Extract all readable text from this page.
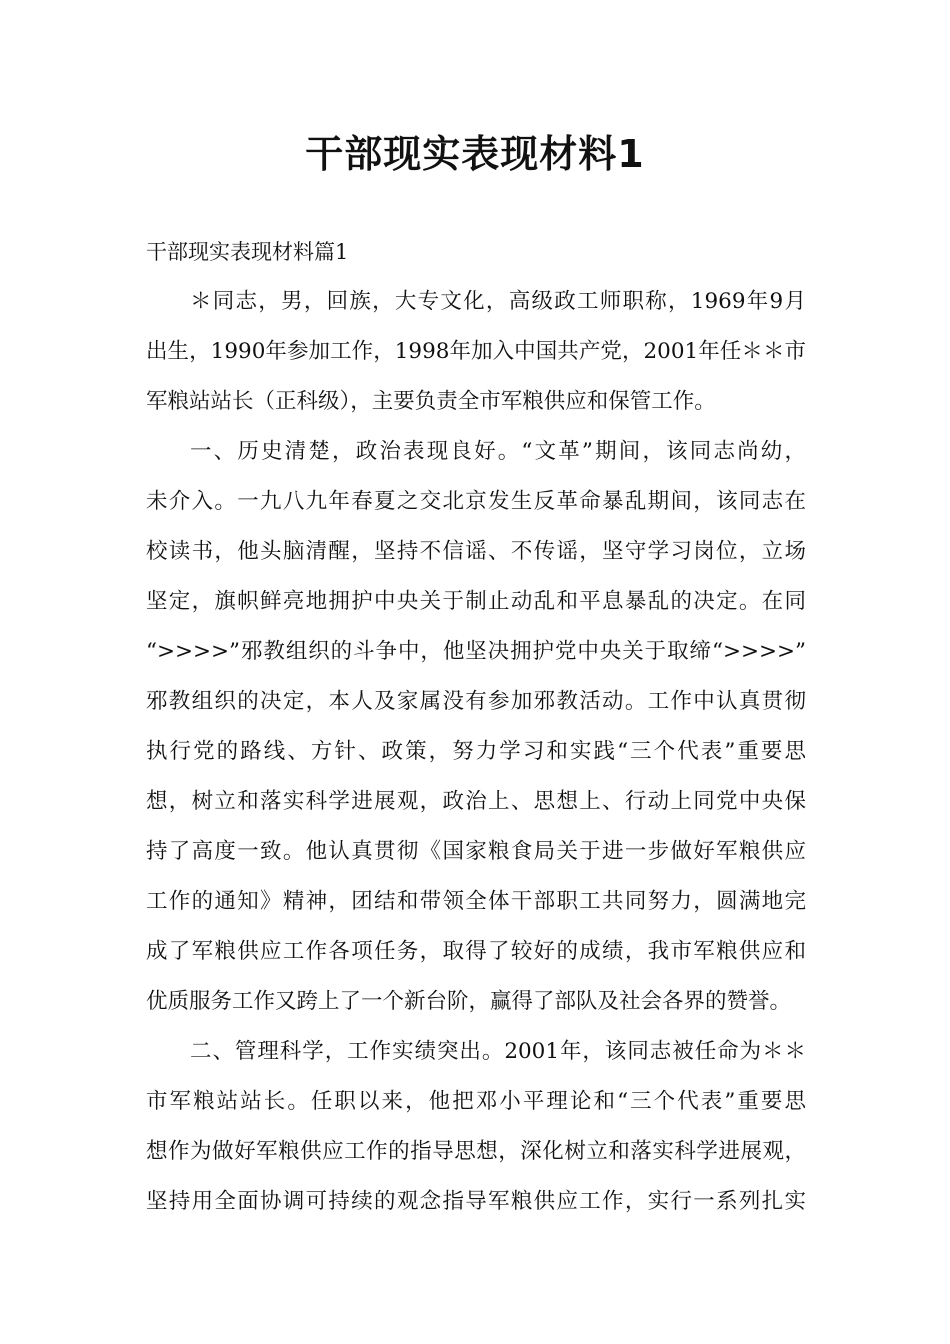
干部现实表现材料1

干部现实表现材料篇1

＊同志，男，回族，大专文化，高级政工师职称，1969年9月

出生，1990年参加工作，1998年加入中国共产党，2001年任＊＊市

军粮站站长（正科级），主要负责全市军粮供应和保管工作。

一、历史清楚，政治表现良好。“文革”期间，该同志尚幼，

未介入。一九八九年春夏之交北京发生反革命暴乱期间，该同志在

校读书，他头脑清醒，坚持不信谣、不传谣，坚守学习岗位，立场

坚定，旗帜鲜亮地拥护中央关于制止动乱和平息暴乱的决定。在同

“>>>>”邪教组织的斗争中，他坚决拥护党中央关于取缔“>>>>”

邪教组织的决定，本人及家属没有参加邪教活动。工作中认真贯彻

执行党的路线、方针、政策，努力学习和实践“三个代表”重要思

想，树立和落实科学进展观，政治上、思想上、行动上同党中央保

持了高度一致。他认真贯彻《国家粮食局关于进一步做好军粮供应

工作的通知》精神，团结和带领全体干部职工共同努力，圆满地完

成了军粮供应工作各项任务，取得了较好的成绩，我市军粮供应和

优质服务工作又跨上了一个新台阶，赢得了部队及社会各界的赞誉。

二、管理科学，工作实绩突出。2001年，该同志被任命为＊＊

市军粮站站长。任职以来，他把邓小平理论和“三个代表”重要思

想作为做好军粮供应工作的指导思想，深化树立和落实科学进展观，

坚持用全面协调可持续的观念指导军粮供应工作，实行一系列扎实
